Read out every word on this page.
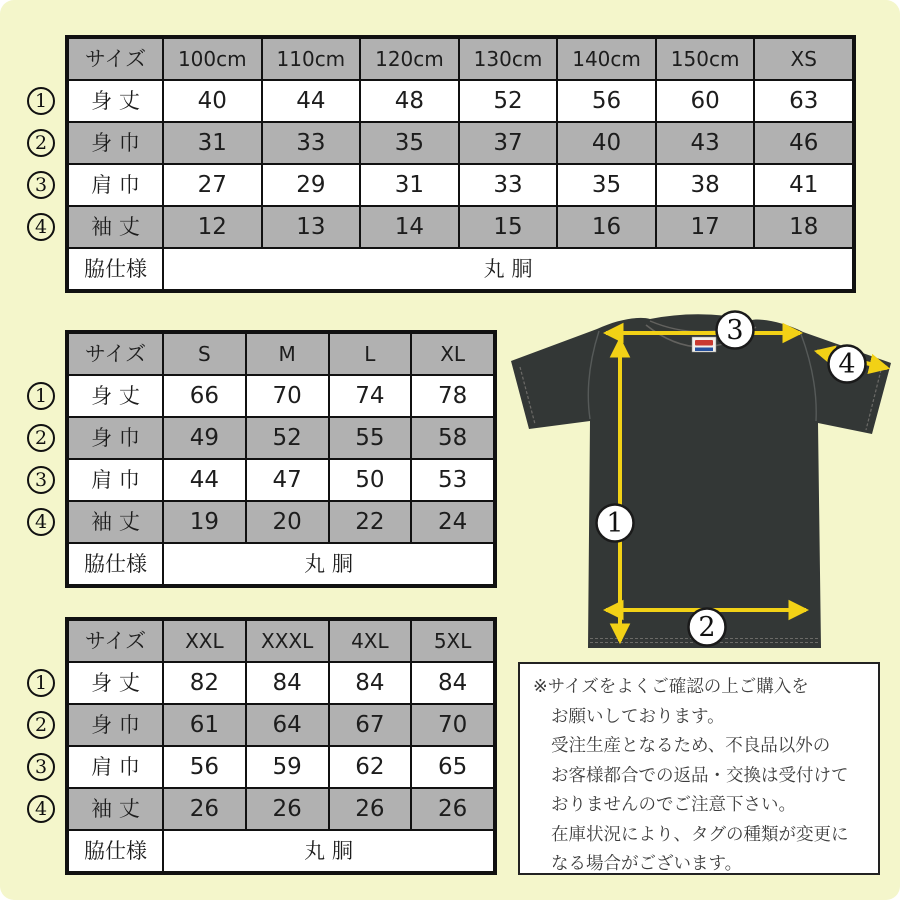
サイズ	100cm	110cm	120cm	130cm	140cm	150cm	XS
身 丈	40	44	48	52	56	60	63
身 巾	31	33	35	37	40	43	46
肩 巾	27	29	31	33	35	38	41
袖 丈	12	13	14	15	16	17	18
脇仕様	丸 胴
サイズ	S	M	L	XL
身 丈	66	70	74	78
身 巾	49	52	55	58
肩 巾	44	47	50	53
袖 丈	19	20	22	24
脇仕様	丸 胴
サイズ	XXL	XXXL	4XL	5XL
身 丈	82	84	84	84
身 巾	61	64	67	70
肩 巾	56	59	62	65
袖 丈	26	26	26	26
脇仕様	丸 胴
1
2
3
4
※サイズをよくご確認の上ご購入を
お願いしております。
受注生産となるため、不良品以外の
お客様都合での返品・交換は受付けて
おりませんのでご注意下さい。
在庫状況により、タグの種類が変更に
なる場合がございます。
1
2
3
4
1
2
3
4
1
2
3
4
